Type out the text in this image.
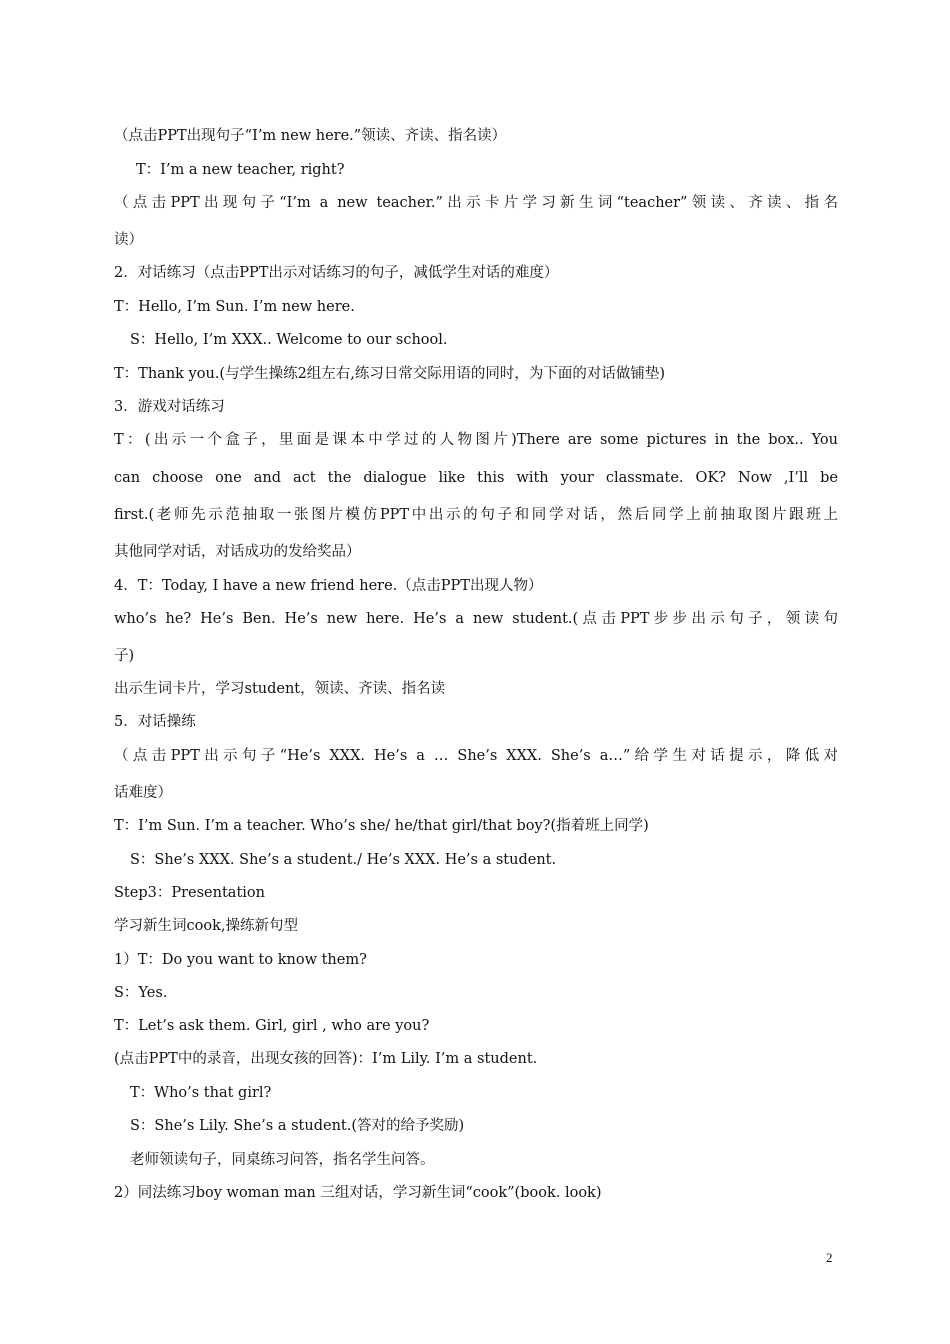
（点击PPT出现句子“I’m new here.”领读、齐读、指名读）
T：I’m a new teacher, right?
（点击PPT出现句子“I’m a new teacher.”出示卡片学习新生词“teacher”领读、齐读、指名
读）
2．对话练习（点击PPT出示对话练习的句子，减低学生对话的难度）
T：Hello, I’m Sun. I’m new here.
S：Hello, I’m XXX.. Welcome to our school.
T：Thank you.(与学生操练2组左右,练习日常交际用语的同时，为下面的对话做铺垫)
3．游戏对话练习
T：(出示一个盒子，里面是课本中学过的人物图片)There are some pictures in the box.. You
can choose one and act the dialogue like this with your classmate. OK? Now ,I’ll be
first.(老师先示范抽取一张图片模仿PPT中出示的句子和同学对话，然后同学上前抽取图片跟班上
其他同学对话，对话成功的发给奖品）
4．T：Today, I have a new friend here.（点击PPT出现人物）
who’s he? He’s Ben. He’s new here. He’s a new student.(点击PPT步步出示句子，领读句
子)
出示生词卡片，学习student，领读、齐读、指名读
5．对话操练
（点击PPT出示句子“He’s XXX. He’s a … She’s XXX. She’s a…”给学生对话提示，降低对
话难度）
T：I’m Sun. I’m a teacher. Who’s she/ he/that girl/that boy?(指着班上同学)
S：She’s XXX. She’s a student./ He’s XXX. He’s a student.
Step3：Presentation
学习新生词cook,操练新句型
1）T：Do you want to know them?
S：Yes.
T：Let’s ask them. Girl, girl , who are you?
(点击PPT中的录音，出现女孩的回答)：I’m Lily. I’m a student.
T：Who’s that girl?
S：She’s Lily. She’s a student.(答对的给予奖励)
老师领读句子，同桌练习问答，指名学生问答。
2）同法练习boy woman man 三组对话，学习新生词“cook”(book. look)
2
